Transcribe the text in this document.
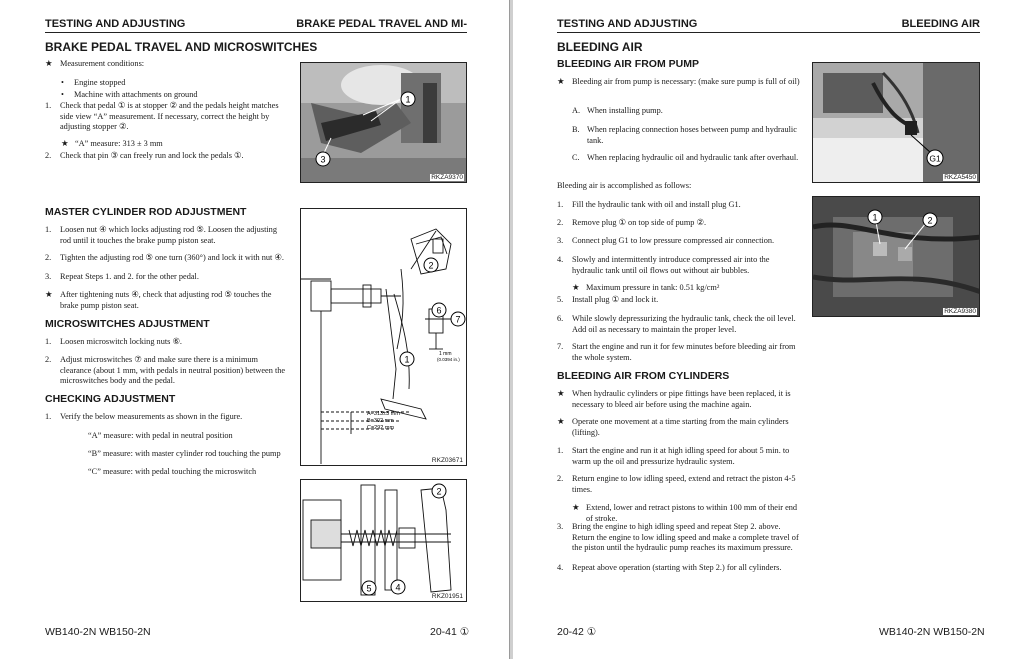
TESTING AND ADJUSTING	BRAKE PEDAL TRAVEL AND MI-
BRAKE PEDAL TRAVEL AND MICROSWITCHES
★ Measurement conditions:
•	Engine stopped
•	Machine with attachments on ground
1.	Check that pedal ① is at stopper ② and the pedals height matches side view “A” measurement. If necessary, correct the height by adjusting stopper ②.
★ “A” measure: 313 ± 3 mm
2.	Check that pin ③ can freely run and lock the pedals ①.
1
3
RKZA9370
MASTER CYLINDER ROD ADJUSTMENT
1.	Loosen nut ④ which locks adjusting rod ⑤. Loosen the adjusting rod until it touches the brake pump piston seat.
2.	Tighten the adjusting rod ⑤ one turn (360°) and lock it with nut ④.
3.	Repeat Steps 1. and 2. for the other pedal.
★ After tightening nuts ④, check that adjusting rod ⑤ touches the brake pump piston seat.
MICROSWITCHES ADJUSTMENT
1.	Loosen microswitch locking nuts ⑥.
2.	Adjust microswitches ⑦ and make sure there is a minimum clearance (about 1 mm, with pedals in neutral position) between the microswitches body and the pedal.
CHECKING ADJUSTMENT
1.	Verify the below measurements as shown in the figure.
“A” measure: with pedal in neutral position
“B” measure: with master cylinder rod touching the pump
“C” measure: with pedal touching the microswitch
2
6
7
1
1 mm
(0.0394 in.)
A=313±3 mm
B=302 mm
C=292 mm
RKZ03671
2
5	4
RKZ01951
WB140-2N WB150-2N	20-41 ①
TESTING AND ADJUSTING	BLEEDING AIR
BLEEDING AIR
BLEEDING AIR FROM PUMP
★ Bleeding air from pump is necessary: (make sure pump is full of oil)
A. When installing pump.
B. When replacing connection hoses between pump and hydraulic tank.
C. When replacing hydraulic oil and hydraulic tank after overhaul.
Bleeding air is accomplished as follows:
1.	Fill the hydraulic tank with oil and install plug G1.
2.	Remove plug ① on top side of pump ②.
3.	Connect plug G1 to low pressure compressed air connection.
4.	Slowly and intermittently introduce compressed air into the hydraulic tank until oil flows out without air bubbles.
★ Maximum pressure in tank: 0.51 kg/cm²
5.	Install plug ① and lock it.
6.	While slowly depressurizing the hydraulic tank, check the oil level. Add oil as necessary to maintain the proper level.
7.	Start the engine and run it for few minutes before bleeding air from the whole system.
BLEEDING AIR FROM CYLINDERS
★ When hydraulic cylinders or pipe fittings have been replaced, it is necessary to bleed air before using the machine again.
★ Operate one movement at a time starting from the main cylinders (lifting).
1.	Start the engine and run it at high idling speed for about 5 min. to warm up the oil and pressurize hydraulic system.
2.	Return engine to low idling speed, extend and retract the piston 4-5 times.
★ Extend, lower and retract pistons to within 100 mm of their end of stroke.
3.	Bring the engine to high idling speed and repeat Step 2. above. Return the engine to low idling speed and make a complete travel of the piston until the hydraulic pump reaches its maximum pressure.
4.	Repeat above operation (starting with Step 2.) for all cylinders.
G1
RKZA5450
1	2
RKZA9380
20-42 ①	WB140-2N WB150-2N
